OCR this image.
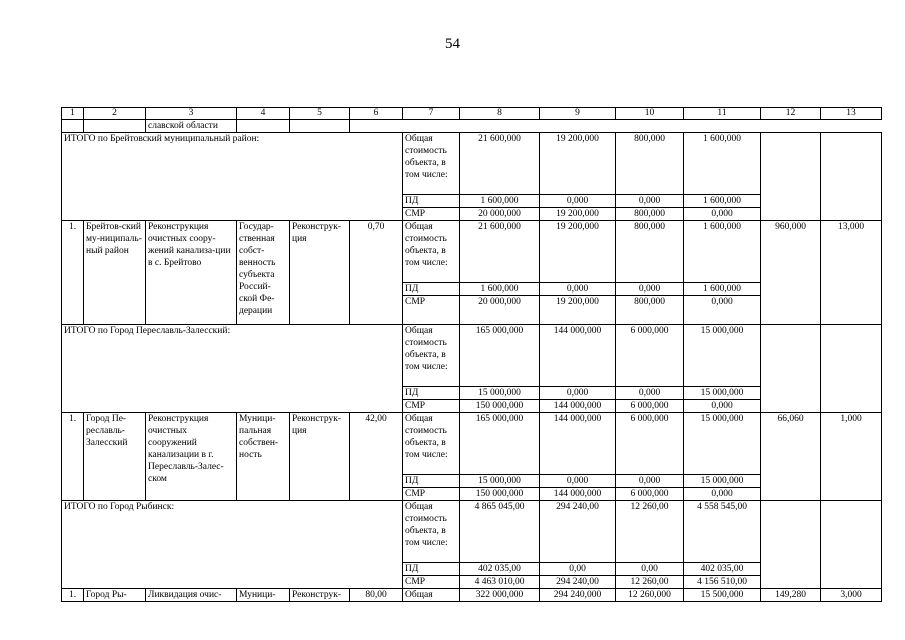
54
1	2	3	4	5	6	7	8	9	10	11	12	13
		славской области										
ИТОГО по Брейтовский муниципальный район:						Общая стоимость объекта, в том числе:	21 600,000	19 200,000	800,000	1 600,000		
						ПД	1 600,000	0,000	0,000	1 600,000		
						СМР	20 000,000	19 200,000	800,000	0,000		
1.	Брейтов-ский му-ниципаль-ный район	Реконструкция очистных соору-жений канализа-ции в с. Брейтово	Государ-ственная собст-венность субъекта Россий-ской Фе-дерации	Реконструк-ция	0,70	Общая стоимость объекта, в том числе:	21 600,000	19 200,000	800,000	1 600,000	960,000	13,000
						ПД	1 600,000	0,000	0,000	1 600,000		
						СМР	20 000,000	19 200,000	800,000	0,000		
ИТОГО по Город Переславль-Залесский:						Общая стоимость объекта, в том числе:	165 000,000	144 000,000	6 000,000	15 000,000		
						ПД	15 000,000	0,000	0,000	15 000,000		
						СМР	150 000,000	144 000,000	6 000,000	0,000		
1.	Город Пе-реславль-Залесский	Реконструкция очистных сооружений канализации в г. Переславль-Залес-ском	Муници-пальная собствен-ность	Реконструк-ция	42,00	Общая стоимость объекта, в том числе:	165 000,000	144 000,000	6 000,000	15 000,000	66,060	1,000
						ПД	15 000,000	0,000	0,000	15 000,000		
						СМР	150 000,000	144 000,000	6 000,000	0,000		
ИТОГО по Город Рыбинск:						Общая стоимость объекта, в том числе:	4 865 045,00	294 240,00	12 260,00	4 558 545,00		
						ПД	402 035,00	0,00	0,00	402 035,00		
						СМР	4 463 010,00	294 240,00	12 260,00	4 156 510,00		
1.	Город Ры-	Ликвидация очис-	Муници-	Реконструк-	80,00	Общая	322 000,000	294 240,000	12 260,000	15 500,000	149,280	3,000
